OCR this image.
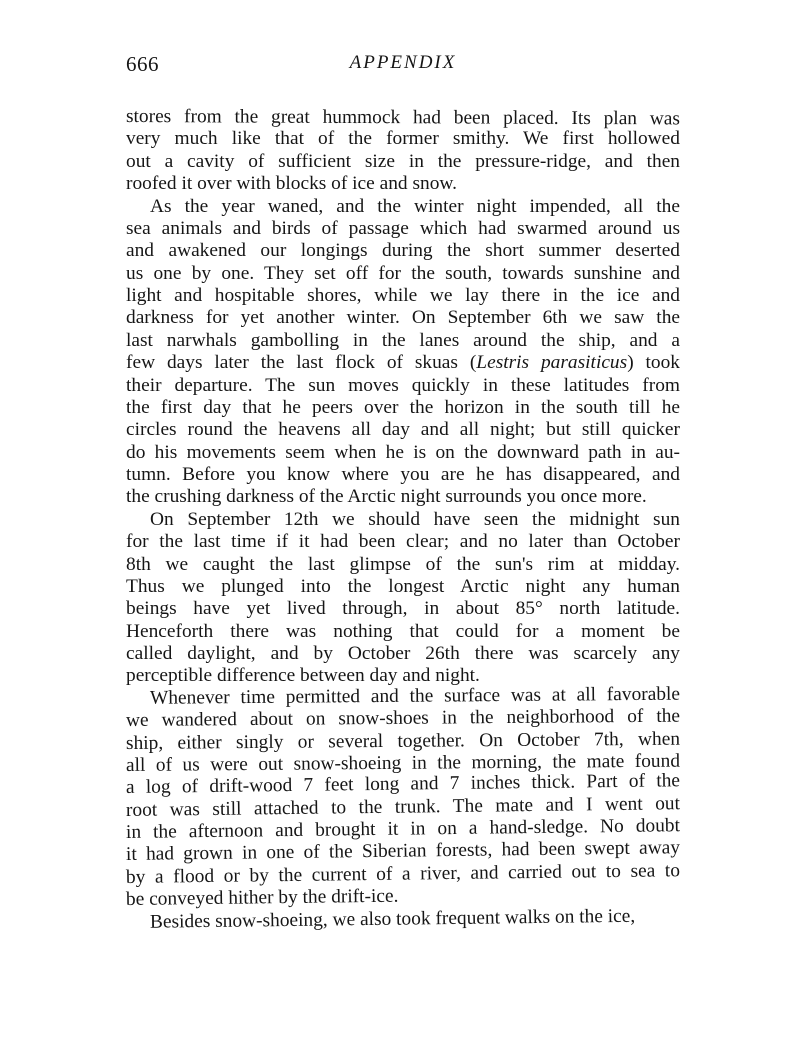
666	APPENDIX
stores from the great hummock had been placed. Its plan was
very much like that of the former smithy. We first hollowed
out a cavity of sufficient size in the pressure-ridge, and then
roofed it over with blocks of ice and snow.
As the year waned, and the winter night impended, all the
sea animals and birds of passage which had swarmed around us
and awakened our longings during the short summer deserted
us one by one. They set off for the south, towards sunshine and
light and hospitable shores, while we lay there in the ice and
darkness for yet another winter. On September 6th we saw the
last narwhals gambolling in the lanes around the ship, and a
few days later the last flock of skuas (Lestris parasiticus) took
their departure. The sun moves quickly in these latitudes from
the first day that he peers over the horizon in the south till he
circles round the heavens all day and all night; but still quicker
do his movements seem when he is on the downward path in au-
tumn. Before you know where you are he has disappeared, and
the crushing darkness of the Arctic night surrounds you once more.
On September 12th we should have seen the midnight sun
for the last time if it had been clear; and no later than October
8th we caught the last glimpse of the sun's rim at midday.
Thus we plunged into the longest Arctic night any human
beings have yet lived through, in about 85° north latitude.
Henceforth there was nothing that could for a moment be
called daylight, and by October 26th there was scarcely any
perceptible difference between day and night.
Whenever time permitted and the surface was at all favorable
we wandered about on snow-shoes in the neighborhood of the
ship, either singly or several together. On October 7th, when
all of us were out snow-shoeing in the morning, the mate found
a log of drift-wood 7 feet long and 7 inches thick. Part of the
root was still attached to the trunk. The mate and I went out
in the afternoon and brought it in on a hand-sledge. No doubt
it had grown in one of the Siberian forests, had been swept away
by a flood or by the current of a river, and carried out to sea to
be conveyed hither by the drift-ice.
Besides snow-shoeing, we also took frequent walks on the ice,
